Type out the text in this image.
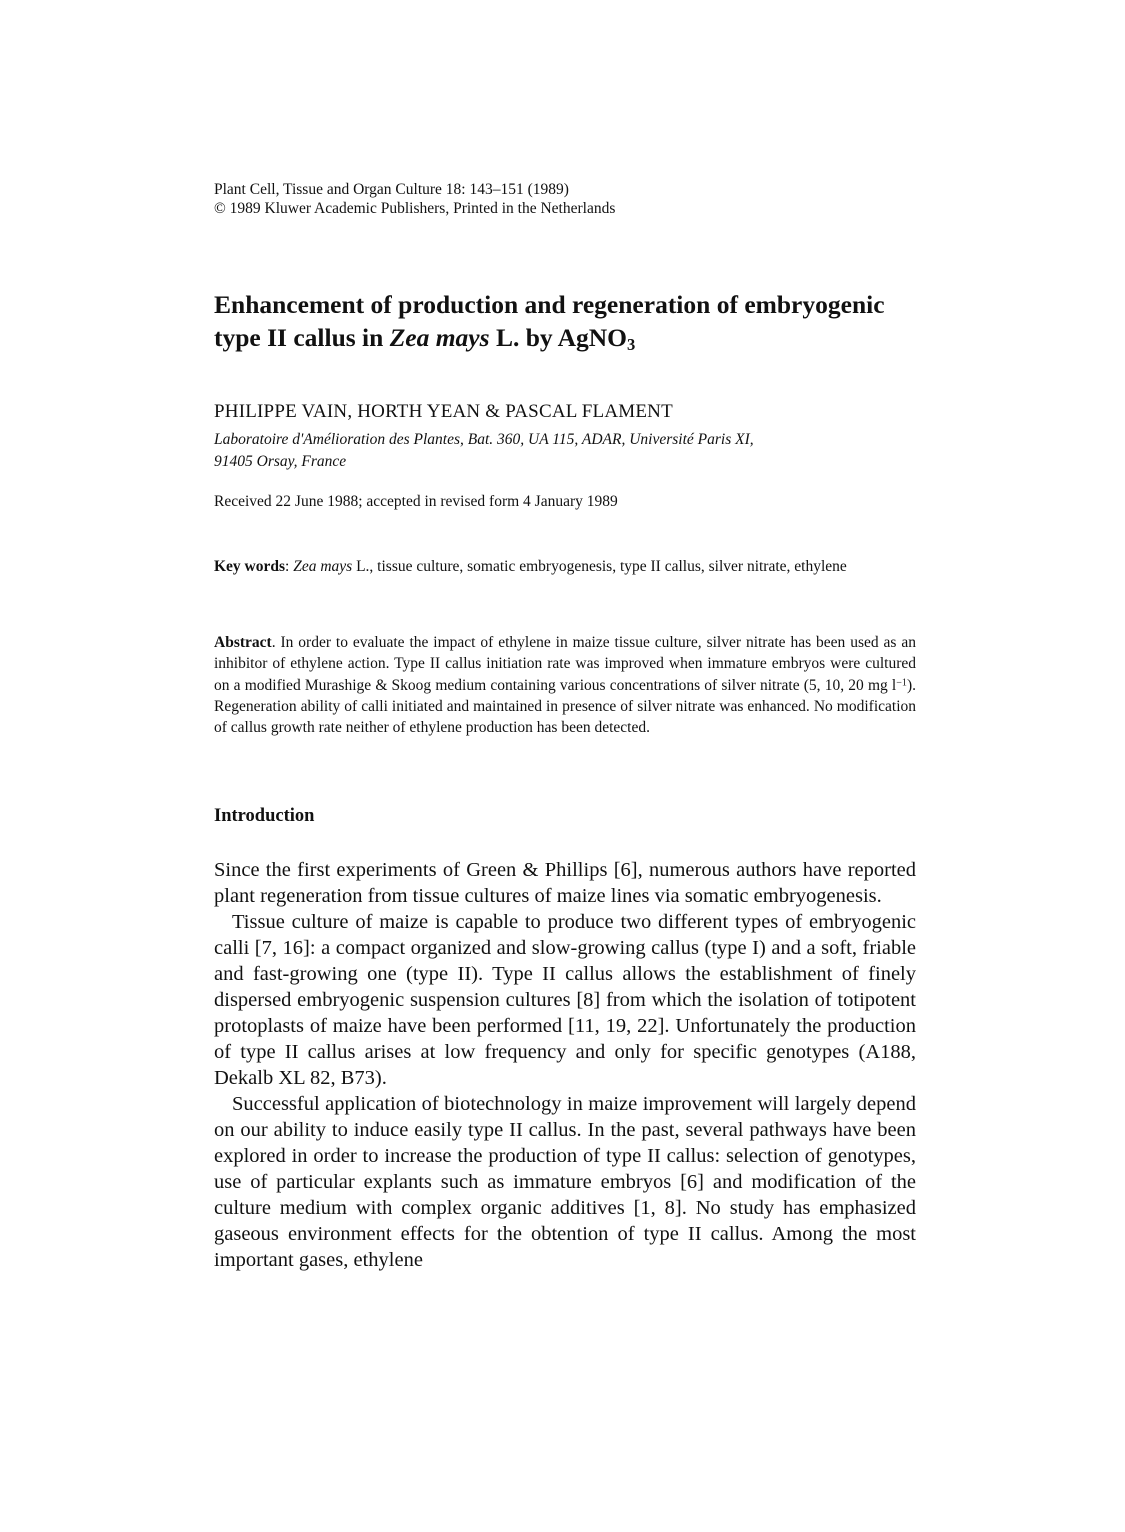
Plant Cell, Tissue and Organ Culture 18: 143–151 (1989)
© 1989 Kluwer Academic Publishers, Printed in the Netherlands
Enhancement of production and regeneration of embryogenic type II callus in Zea mays L. by AgNO$_3$
PHILIPPE VAIN, HORTH YEAN & PASCAL FLAMENT
Laboratoire d'Amélioration des Plantes, Bat. 360, UA 115, ADAR, Université Paris XI,
91405 Orsay, France
Received 22 June 1988; accepted in revised form 4 January 1989
Key words: Zea mays L., tissue culture, somatic embryogenesis, type II callus, silver nitrate, ethylene
Abstract. In order to evaluate the impact of ethylene in maize tissue culture, silver nitrate has been used as an inhibitor of ethylene action. Type II callus initiation rate was improved when immature embryos were cultured on a modified Murashige & Skoog medium containing various concentrations of silver nitrate (5, 10, 20 mg $l^{-1}$). Regeneration ability of calli initiated and maintained in presence of silver nitrate was enhanced. No modification of callus growth rate neither of ethylene production has been detected.
Introduction

Since the first experiments of Green & Phillips [6], numerous authors have reported plant regeneration from tissue cultures of maize lines via somatic embryogenesis.

Tissue culture of maize is capable to produce two different types of embryogenic calli [7, 16]: a compact organized and slow-growing callus (type I) and a soft, friable and fast-growing one (type II). Type II callus allows the establishment of finely dispersed embryogenic suspension cultures [8] from which the isolation of totipotent protoplasts of maize have been performed [11, 19, 22]. Unfortunately the production of type II callus arises at low frequency and only for specific genotypes (A188, Dekalb XL 82, B73).

Successful application of biotechnology in maize improvement will largely depend on our ability to induce easily type II callus. In the past, several pathways have been explored in order to increase the production of type II callus: selection of genotypes, use of particular explants such as immature embryos [6] and modification of the culture medium with complex organic additives [1, 8]. No study has emphasized gaseous environment effects for the obtention of type II callus. Among the most important gases, ethylene
